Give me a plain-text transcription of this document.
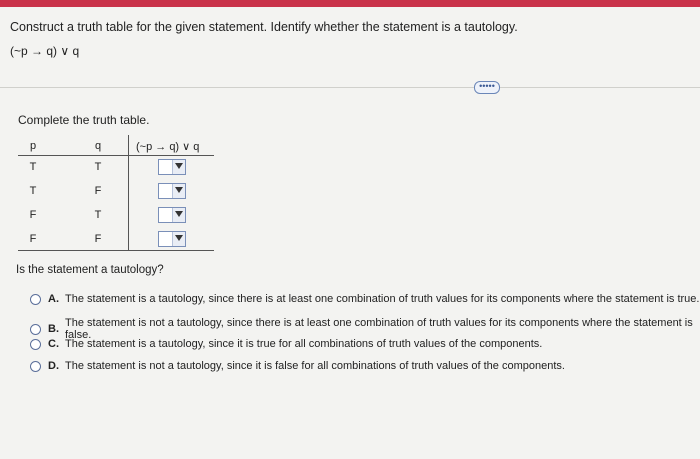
Construct a truth table for the given statement. Identify whether the statement is a tautology.
(~p → q) ∨ q
•••••
Complete the truth table.
p	q	(~p → q) ∨ q
T	T
T	F
F	T
F	F
Is the statement a tautology?
A. The statement is a tautology, since there is at least one combination of truth values for its components where the statement is true.
B. The statement is not a tautology, since there is at least one combination of truth values for its components where the statement is false.
C. The statement is a tautology, since it is true for all combinations of truth values of the components.
D. The statement is not a tautology, since it is false for all combinations of truth values of the components.
